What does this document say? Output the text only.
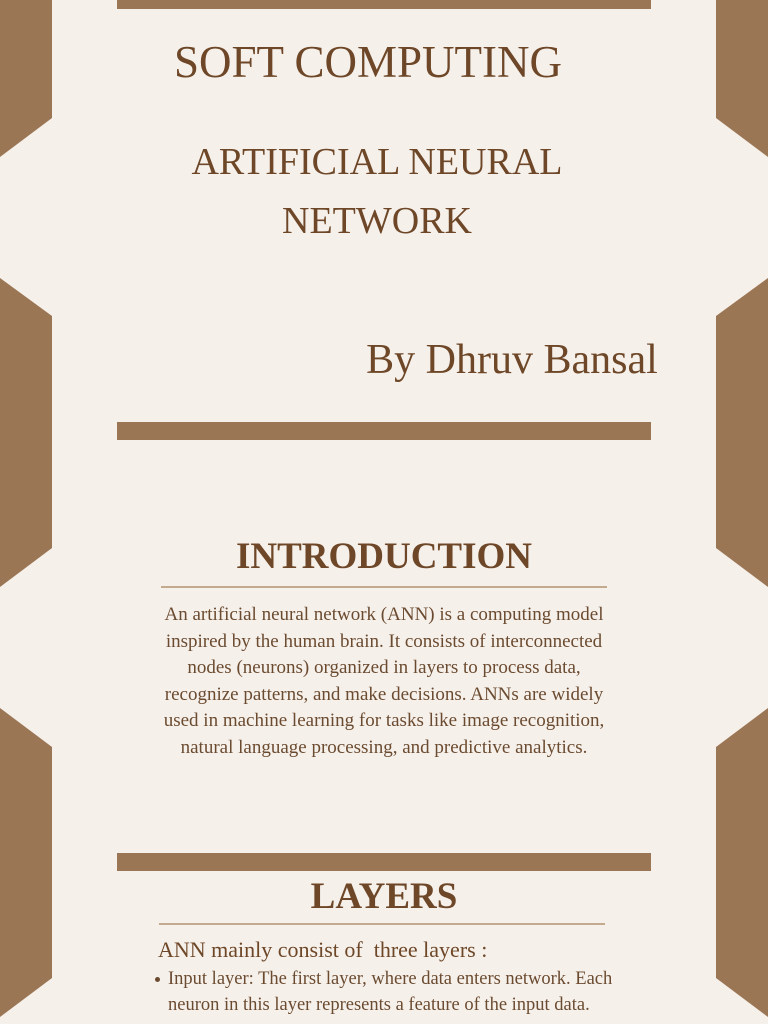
SOFT COMPUTING
ARTIFICIAL NEURAL
NETWORK
By Dhruv Bansal
INTRODUCTION
An artificial neural network (ANN) is a computing model
inspired by the human brain. It consists of interconnected
nodes (neurons) organized in layers to process data,
recognize patterns, and make decisions. ANNs are widely
used in machine learning for tasks like image recognition,
natural language processing, and predictive analytics.
LAYERS
ANN mainly consist of  three layers :
Input layer: The first layer, where data enters network. Each
neuron in this layer represents a feature of the input data.
